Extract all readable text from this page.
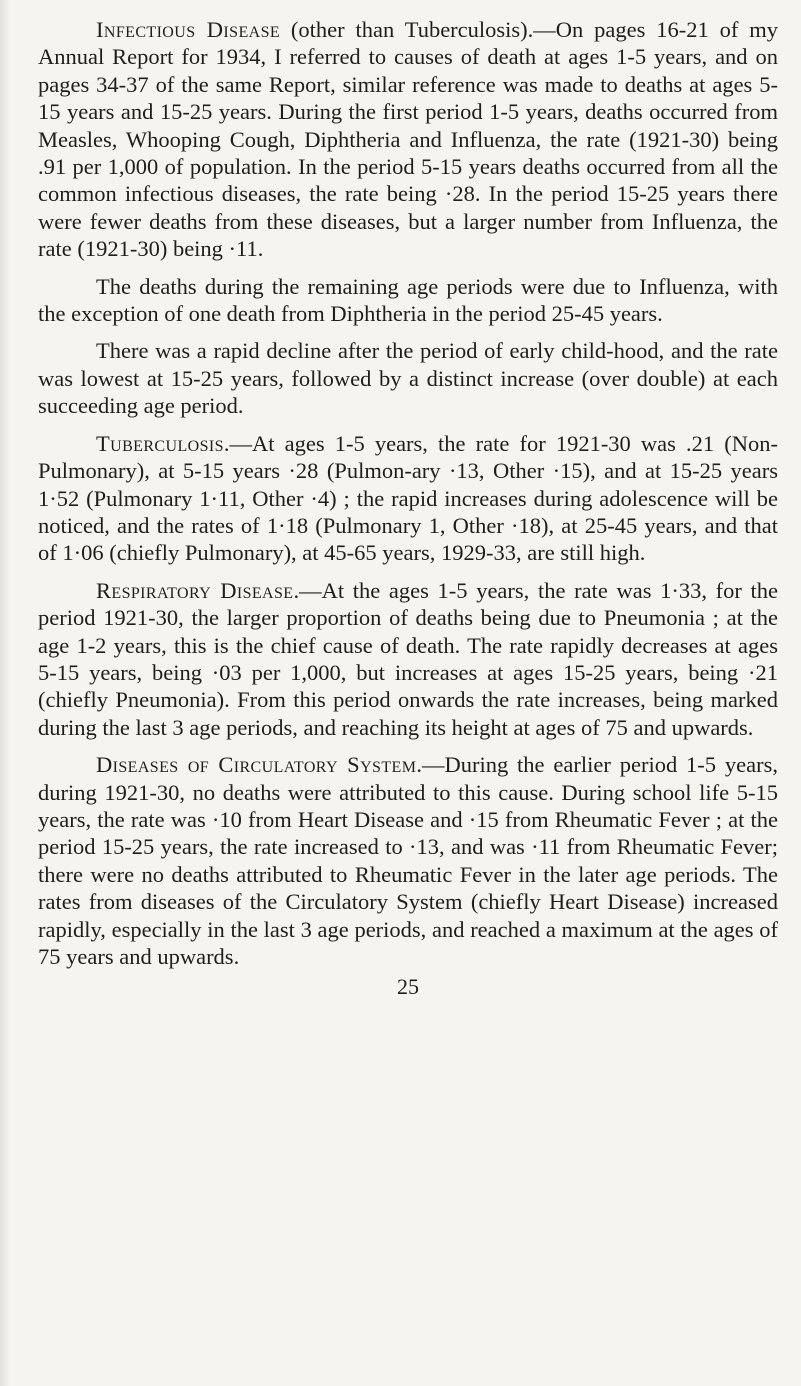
Infectious Disease (other than Tuberculosis).—On pages 16-21 of my Annual Report for 1934, I referred to causes of death at ages 1-5 years, and on pages 34-37 of the same Report, similar reference was made to deaths at ages 5-15 years and 15-25 years. During the first period 1-5 years, deaths occurred from Measles, Whooping Cough, Diphtheria and Influenza, the rate (1921-30) being .91 per 1,000 of population. In the period 5-15 years deaths occurred from all the common infectious diseases, the rate being ·28. In the period 15-25 years there were fewer deaths from these diseases, but a larger number from Influenza, the rate (1921-30) being ·11.

The deaths during the remaining age periods were due to Influenza, with the exception of one death from Diphtheria in the period 25-45 years.

There was a rapid decline after the period of early child-hood, and the rate was lowest at 15-25 years, followed by a distinct increase (over double) at each succeeding age period.

Tuberculosis.—At ages 1-5 years, the rate for 1921-30 was .21 (Non-Pulmonary), at 5-15 years ·28 (Pulmon-ary ·13, Other ·15), and at 15-25 years 1·52 (Pulmonary 1·11, Other ·4) ; the rapid increases during adolescence will be noticed, and the rates of 1·18 (Pulmonary 1, Other ·18), at 25-45 years, and that of 1·06 (chiefly Pulmonary), at 45-65 years, 1929-33, are still high.

Respiratory Disease.—At the ages 1-5 years, the rate was 1·33, for the period 1921-30, the larger proportion of deaths being due to Pneumonia ; at the age 1-2 years, this is the chief cause of death. The rate rapidly decreases at ages 5-15 years, being ·03 per 1,000, but increases at ages 15-25 years, being ·21 (chiefly Pneumonia). From this period onwards the rate increases, being marked during the last 3 age periods, and reaching its height at ages of 75 and upwards.

Diseases of Circulatory System.—During the earlier period 1-5 years, during 1921-30, no deaths were attributed to this cause. During school life 5-15 years, the rate was ·10 from Heart Disease and ·15 from Rheumatic Fever ; at the period 15-25 years, the rate increased to ·13, and was ·11 from Rheumatic Fever; there were no deaths attributed to Rheumatic Fever in the later age periods. The rates from diseases of the Circulatory System (chiefly Heart Disease) increased rapidly, especially in the last 3 age periods, and reached a maximum at the ages of 75 years and upwards.

25
